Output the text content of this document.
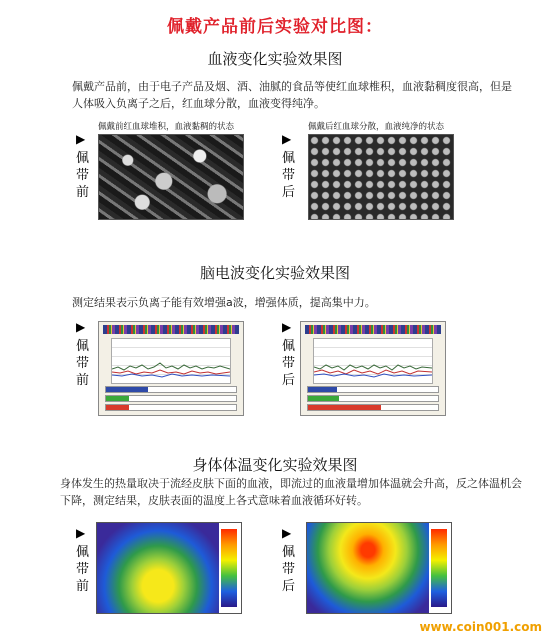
佩戴产品前后实验对比图：
血液变化实验效果图
佩戴产品前，由于电子产品及烟、酒、油腻的食品等使红血球椎积，血液黏稠度很高，但是人体吸入负离子之后，红血球分散，血液变得纯净。
▶
佩带前
佩戴前红血球堆积，血液黏稠的状态
▶
佩带后
佩戴后红血球分散，血液纯净的状态
脑电波变化实验效果图
测定结果表示负离子能有效增强a波，增强体质，提高集中力。
▶
佩带前
▶
佩带后
身体体温变化实验效果图
身体发生的热量取决于流经皮肤下面的血液，即流过的血液量增加体温就会升高，反之体温机会下降，测定结果，皮肤表面的温度上各式意味着血液循环好转。
▶
佩带前
▶
佩带后
www.coin001.com
